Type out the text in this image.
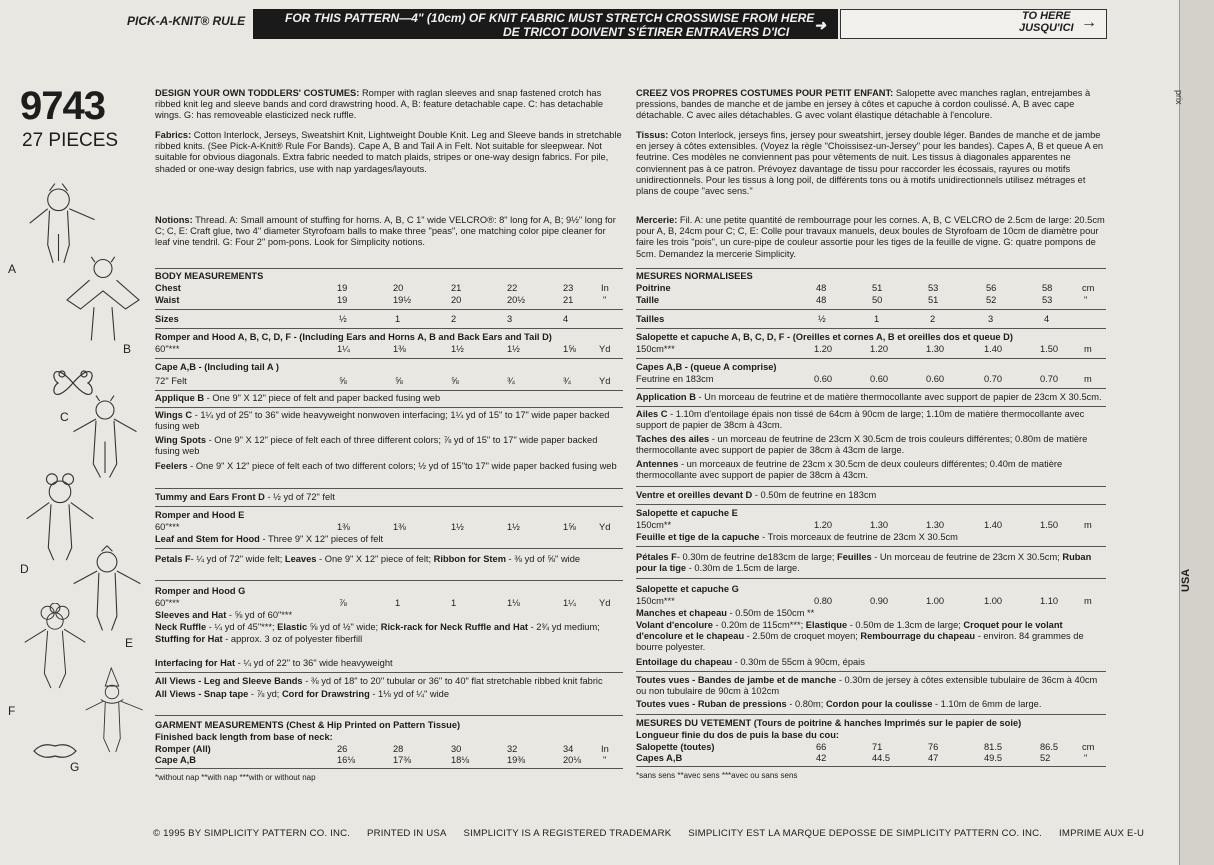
prix
PICK-A-KNIT® RULE	FOR THIS PATTERN—4" (10cm) OF KNIT FABRIC MUST STRETCH CROSSWISE FROM HERE
DE TRICOT DOIVENT S'ÉTIRER ENTRAVERS D'ICI ➜
TO HERE
JUSQU'ICI →
9743
27 PIECES
A
B
C
D
E
F
G
DESIGN YOUR OWN TODDLERS' COSTUMES: Romper with raglan sleeves and snap fastened crotch has ribbed knit leg and sleeve bands and cord drawstring hood. A, B: feature detachable cape. C: has detachable wings. G: has removeable elasticized neck ruffle.
Fabrics: Cotton Interlock, Jerseys, Sweatshirt Knit, Lightweight Double Knit. Leg and Sleeve bands in stretchable ribbed knits. (See Pick-A-Knit® Rule For Bands). Cape A, B and Tail A in Felt. Not suitable for sleepwear. Not suitable for obvious diagonals. Extra fabric needed to match plaids, stripes or one-way design fabrics. For pile, shaded or one-way design fabrics, use with nap yardages/layouts.
Notions: Thread. A: Small amount of stuffing for horns. A, B, C 1" wide VELCRO®: 8" long for A, B; 9½" long for C; C, E: Craft glue, two 4" diameter Styrofoam balls to make three "peas", one matching color pipe cleaner for leaf vine tendril. G: Four 2" pom-pons. Look for Simplicity notions.
BODY MEASUREMENTS
Chest	19	20	21	22	23	In
Waist	19	19½	20	20½	21	"
Sizes	½	1	2	3	4
Romper and Hood A, B, C, D, F - (Including Ears and Horns A, B and Back Ears and Tail D)
60"***	1¼	1⅜	1½	1½	1⅝ Yd
Cape A,B - (Including tail A )
72" Felt	⅝	⅝	⅝	¾	¾	Yd
Applique B - One 9" X 12" piece of felt and paper backed fusing web
Wings C - 1¼ yd of 25" to 36" wide heavyweight nonwoven interfacing; 1¼ yd of 15" to 17" wide paper backed fusing web
Wing Spots - One 9" X 12" piece of felt each of three different colors; ⅞ yd of 15" to 17" wide paper backed fusing web
Feelers - One 9" X 12" piece of felt each of two different colors; ½ yd of 15"to 17" wide paper backed fusing web
Tummy and Ears Front D - ½ yd of 72" felt
Romper and Hood E
60"***	1⅜	1⅜	1½	1½	1⅝ Yd
Leaf and Stem for Hood - Three 9" X 12" pieces of felt
Petals F- ¼ yd of 72" wide felt; Leaves - One 9" X 12" piece of felt; Ribbon for Stem - ⅜ yd of ⅝" wide
Romper and Hood G
60"***	⅞	1	1	1⅛	1¼ Yd
Sleeves and Hat - ⅝ yd of 60"***
Neck Ruffle - ¼ yd of 45"***; Elastic ⅝ yd of ½" wide; Rick-rack for Neck Ruffle and Hat - 2¾ yd medium;
Stuffing for Hat - approx. 3 oz of polyester fiberfill
Interfacing for Hat - ¼ yd of 22" to 36" wide heavyweight
All Views - Leg and Sleeve Bands - ⅜ yd of 18" to 20" tubular or 36" to 40" flat stretchable ribbed knit fabric
All Views - Snap tape - ⅞ yd; Cord for Drawstring - 1⅛ yd of ¼" wide
GARMENT MEASUREMENTS (Chest & Hip Printed on Pattern Tissue)
Finished back length from base of neck:
Romper (All)	26	28	30	32	34	In
Cape A,B	16⅛	17⅜	18⅛	19⅜	20⅛ "
*without nap **with nap ***with or without nap
CREEZ VOS PROPRES COSTUMES POUR PETIT ENFANT: Salopette avec manches raglan, entrejambes à pressions, bandes de manche et de jambe en jersey à côtes et capuche à cordon coulissé. A, B avec cape détachable. C avec ailes détachables. G avec volant élastique détachable à l'encolure.
Tissus: Coton Interlock, jerseys fins, jersey pour sweatshirt, jersey double léger. Bandes de manche et de jambe en jersey à côtes extensibles. (Voyez la règle "Choissisez-un-Jersey" pour les bandes). Capes A, B et queue A en feutrine. Ces modèles ne conviennent pas pour vêtements de nuit. Les tissus à diagonales apparentes ne conviennent pas à ce patron. Prévoyez davantage de tissu pour raccorder les écossais, rayures ou motifs unidirectionnels. Pour les tissus à long poil, de différents tons ou à motifs unidirectionnels utilisez métrages et plans de coupe "avec sens."
Mercerie: Fil. A: une petite quantité de rembourrage pour les cornes. A, B, C VELCRO de 2.5cm de large: 20.5cm pour A, B, 24cm pour C; C, E: Colle pour travaux manuels, deux boules de Styrofoam de 10cm de diamètre pour faire les trois "pois", un cure-pipe de couleur assortie pour les tiges de la feuille de vigne. G: quatre pompons de 5cm. Demandez la mercerie Simplicity.
MESURES NORMALISEES
Poitrine	48	51	53	56	58	cm
Taille	48	50	51	52	53	"
Tailles	½	1	2	3	4
Salopette et capuche A, B, C, D, F - (Oreilles et cornes A, B et oreilles dos et queue D)
150cm***	1.20	1.20	1.30	1.40	1.50	m
Capes A,B - (queue A comprise)
Feutrine en 183cm	0.60	0.60	0.60	0.70	0.70	m
Application B - Un morceau de feutrine et de matière thermocollante avec support de papier de 23cm X 30.5cm.
Ailes C - 1.10m d'entoilage épais non tissé de 64cm à 90cm de large; 1.10m de matière thermocollante avec support de papier de 38cm à 43cm.
Taches des ailes - un morceau de feutrine de 23cm X 30.5cm de trois couleurs différentes; 0.80m de matière thermocollante avec support de papier de 38cm à 43cm de large.
Antennes - un morceaux de feutrine de 23cm x 30.5cm de deux couleurs différentes; 0.40m de matière thermocollante avec support de papier de 38cm à 43cm.
Ventre et oreilles devant D - 0.50m de feutrine en 183cm
Salopette et capuche E
150cm**	1.20	1.30	1.30	1.40	1.50	m
Feuille et tige de la capuche - Trois morceaux de feutrine de 23cm X 30.5cm
Pétales F- 0.30m de feutrine de183cm de large; Feuilles - Un morceau de feutrine de 23cm X 30.5cm; Ruban pour la tige - 0.30m de 1.5cm de large.
Salopette et capuche G
150cm***	0.80	0.90	1.00	1.00	1.10	m
Manches et chapeau - 0.50m de 150cm **
Volant d'encolure - 0.20m de 115cm***; Elastique - 0.50m de 1.3cm de large; Croquet pour le volant d'encolure et le chapeau - 2.50m de croquet moyen; Rembourrage du chapeau - environ. 84 grammes de bourre polyester.
Entoilage du chapeau - 0.30m de 55cm à 90cm, épais
Toutes vues - Bandes de jambe et de manche - 0.30m de jersey à côtes extensible tubulaire de 36cm à 40cm ou non tubulaire de 90cm à 102cm
Toutes vues - Ruban de pressions - 0.80m; Cordon pour la coulisse - 1.10m de 6mm de large.
MESURES DU VETEMENT (Tours de poitrine & hanches Imprimés sur le papier de soie)
Longueur finie du dos de puis la base du cou:
Salopette (toutes)	66	71	76	81.5	86.5	cm
Capes A,B	42	44.5	47	49.5	52	"
*sans sens **avec sens ***avec ou sans sens
USA
© 1995 BY SIMPLICITY PATTERN CO. INC. PRINTED IN USA SIMPLICITY IS A REGISTERED TRADEMARK SIMPLICITY EST LA MARQUE DEPOSSE DE SIMPLICITY PATTERN CO. INC. IMPRIME AUX E-U
